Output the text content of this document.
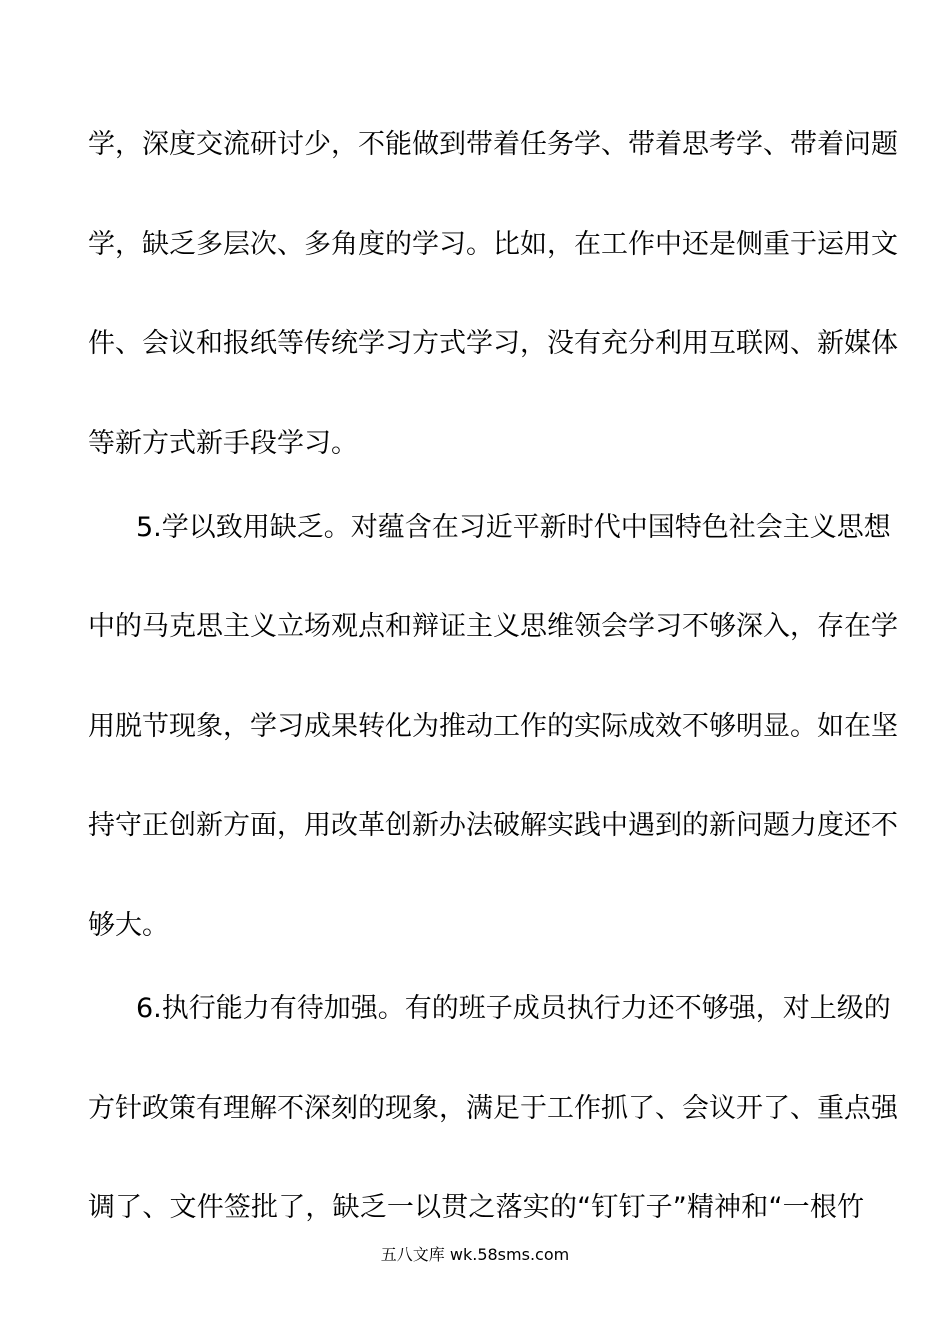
学，深度交流研讨少，不能做到带着任务学、带着思考学、带着问题
学，缺乏多层次、多角度的学习。比如，在工作中还是侧重于运用文
件、会议和报纸等传统学习方式学习，没有充分利用互联网、新媒体
等新方式新手段学习。
5.学以致用缺乏。对蕴含在习近平新时代中国特色社会主义思想
中的马克思主义立场观点和辩证主义思维领会学习不够深入，存在学
用脱节现象，学习成果转化为推动工作的实际成效不够明显。如在坚
持守正创新方面，用改革创新办法破解实践中遇到的新问题力度还不
够大。
6.执行能力有待加强。有的班子成员执行力还不够强，对上级的
方针政策有理解不深刻的现象，满足于工作抓了、会议开了、重点强
调了、文件签批了，缺乏一以贯之落实的“钉钉子”精神和“一根竹
五八文库 wk.58sms.com
